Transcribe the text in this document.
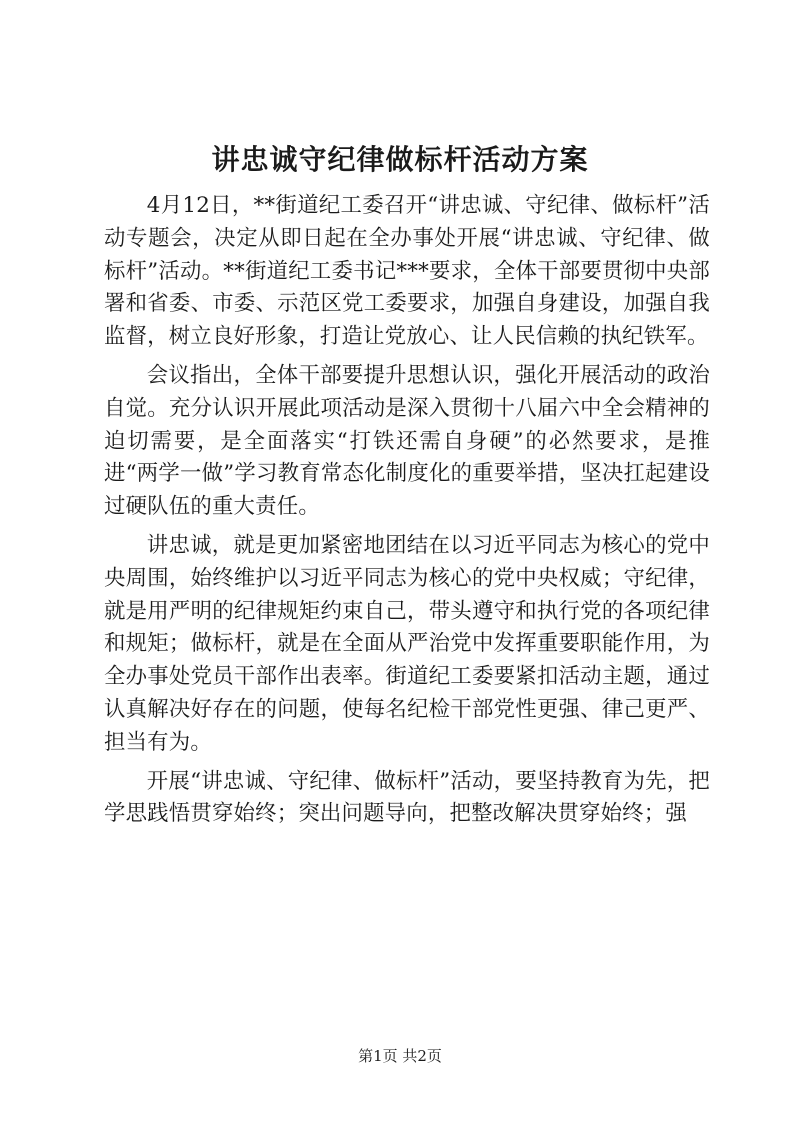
讲忠诚守纪律做标杆活动方案

4月12日，**街道纪工委召开“讲忠诚、守纪律、做标杆”活动专题会，决定从即日起在全办事处开展“讲忠诚、守纪律、做标杆”活动。**街道纪工委书记***要求，全体干部要贯彻中央部署和省委、市委、示范区党工委要求，加强自身建设，加强自我监督，树立良好形象，打造让党放心、让人民信赖的执纪铁军。

会议指出，全体干部要提升思想认识，强化开展活动的政治自觉。充分认识开展此项活动是深入贯彻十八届六中全会精神的迫切需要，是全面落实“打铁还需自身硬”的必然要求，是推进“两学一做”学习教育常态化制度化的重要举措，坚决扛起建设过硬队伍的重大责任。

讲忠诚，就是更加紧密地团结在以习近平同志为核心的党中央周围，始终维护以习近平同志为核心的党中央权威；守纪律，就是用严明的纪律规矩约束自己，带头遵守和执行党的各项纪律和规矩；做标杆，就是在全面从严治党中发挥重要职能作用，为全办事处党员干部作出表率。街道纪工委要紧扣活动主题，通过认真解决好存在的问题，使每名纪检干部党性更强、律己更严、担当有为。

开展“讲忠诚、守纪律、做标杆”活动，要坚持教育为先，把学思践悟贯穿始终；突出问题导向，把整改解决贯穿始终；强

第1页 共2页
